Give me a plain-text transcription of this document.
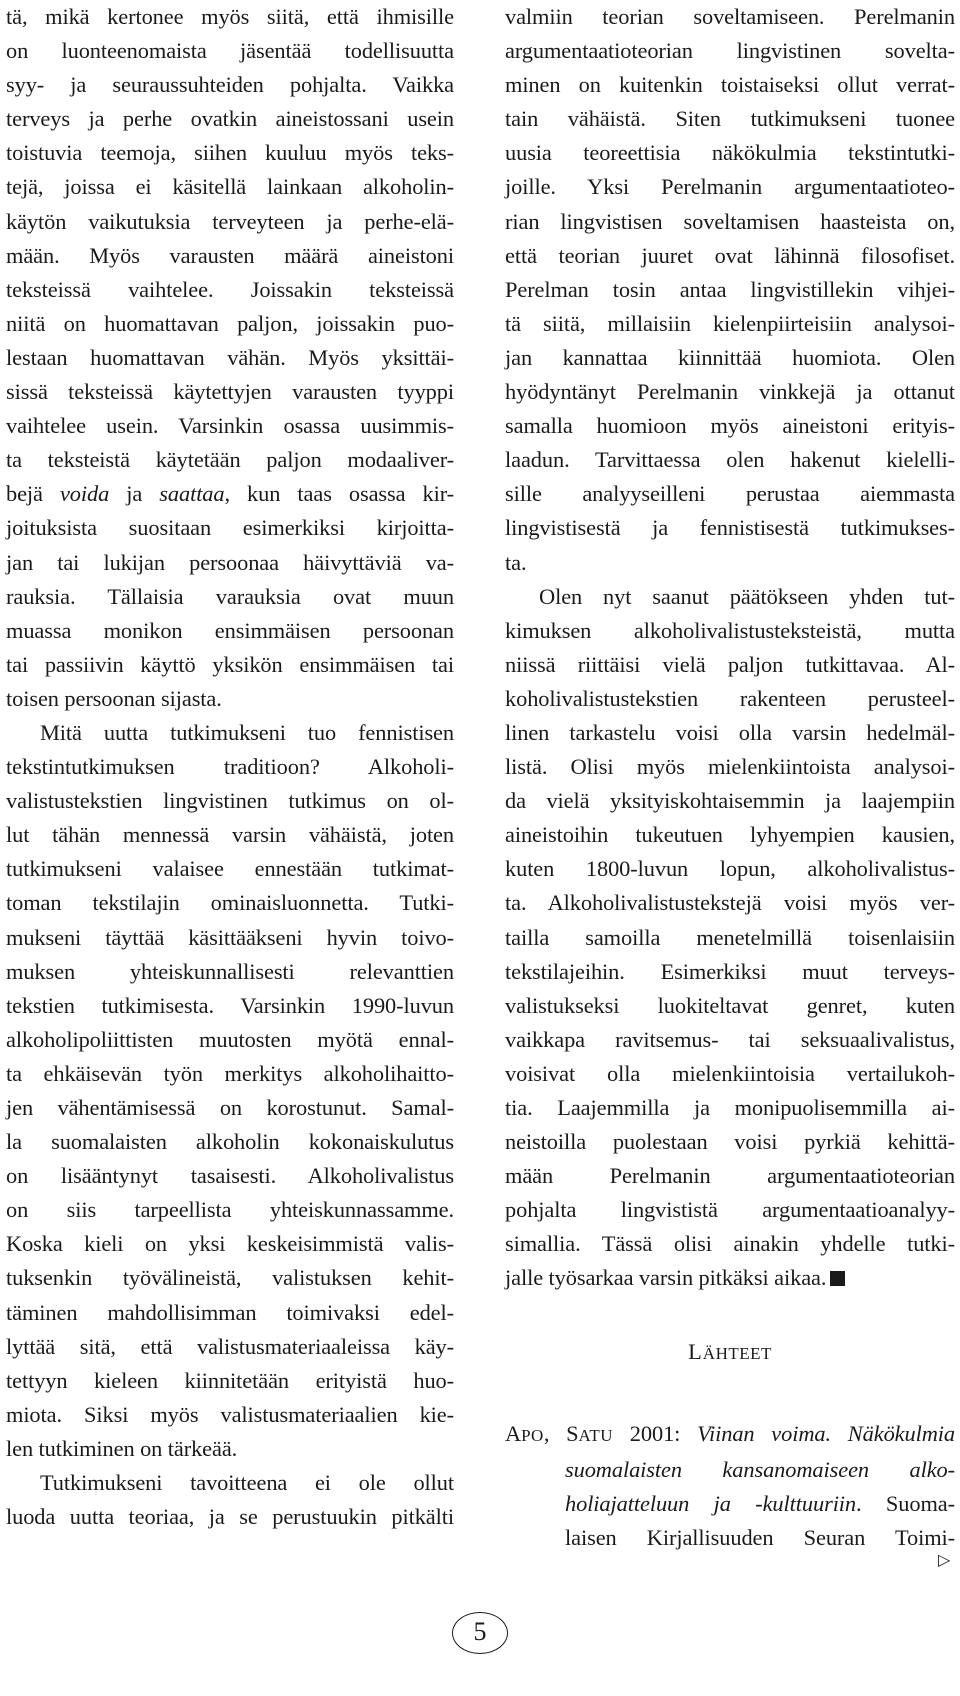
tä, mikä kertonee myös siitä, että ihmisille
on luonteenomaista jäsentää todellisuutta
syy- ja seuraussuhteiden pohjalta. Vaikka
terveys ja perhe ovatkin aineistossani usein
toistuvia teemoja, siihen kuuluu myös teks-
tejä, joissa ei käsitellä lainkaan alkoholin-
käytön vaikutuksia terveyteen ja perhe-elä-
mään. Myös varausten määrä aineistoni
teksteissä vaihtelee. Joissakin teksteissä
niitä on huomattavan paljon, joissakin puo-
lestaan huomattavan vähän. Myös yksittäi-
sissä teksteissä käytettyjen varausten tyyppi
vaihtelee usein. Varsinkin osassa uusimmis-
ta teksteistä käytetään paljon modaaliver-
bejä voida ja saattaa, kun taas osassa kir-
joituksista suositaan esimerkiksi kirjoitta-
jan tai lukijan persoonaa häivyttäviä va-
rauksia. Tällaisia varauksia ovat muun
muassa monikon ensimmäisen persoonan
tai passiivin käyttö yksikön ensimmäisen tai
toisen persoonan sijasta.
Mitä uutta tutkimukseni tuo fennistisen
tekstintutkimuksen traditioon? Alkoholi-
valistustekstien lingvistinen tutkimus on ol-
lut tähän mennessä varsin vähäistä, joten
tutkimukseni valaisee ennestään tutkimat-
toman tekstilajin ominaisluonnetta. Tutki-
mukseni täyttää käsittääkseni hyvin toivo-
muksen yhteiskunnallisesti relevanttien
tekstien tutkimisesta. Varsinkin 1990-luvun
alkoholipoliittisten muutosten myötä ennal-
ta ehkäisevän työn merkitys alkoholihaitto-
jen vähentämisessä on korostunut. Samal-
la suomalaisten alkoholin kokonaiskulutus
on lisääntynyt tasaisesti. Alkoholivalistus
on siis tarpeellista yhteiskunnassamme.
Koska kieli on yksi keskeisimmistä valis-
tuksenkin työvälineistä, valistuksen kehit-
täminen mahdollisimman toimivaksi edel-
lyttää sitä, että valistusmateriaaleissa käy-
tettyyn kieleen kiinnitetään erityistä huo-
miota. Siksi myös valistusmateriaalien kie-
len tutkiminen on tärkeää.
Tutkimukseni tavoitteena ei ole ollut
luoda uutta teoriaa, ja se perustuukin pitkälti
valmiin teorian soveltamiseen. Perelmanin
argumentaatioteorian lingvistinen sovelta-
minen on kuitenkin toistaiseksi ollut verrat-
tain vähäistä. Siten tutkimukseni tuonee
uusia teoreettisia näkökulmia tekstintutki-
joille. Yksi Perelmanin argumentaatioteo-
rian lingvistisen soveltamisen haasteista on,
että teorian juuret ovat lähinnä filosofiset.
Perelman tosin antaa lingvistillekin vihjei-
tä siitä, millaisiin kielenpiirteisiin analysoi-
jan kannattaa kiinnittää huomiota. Olen
hyödyntänyt Perelmanin vinkkejä ja ottanut
samalla huomioon myös aineistoni erityis-
laadun. Tarvittaessa olen hakenut kielelli-
sille analyyseilleni perustaa aiemmasta
lingvistisestä ja fennistisestä tutkimukses-
ta.
Olen nyt saanut päätökseen yhden tut-
kimuksen alkoholivalistusteksteistä, mutta
niissä riittäisi vielä paljon tutkittavaa. Al-
koholivalistustekstien rakenteen perusteel-
linen tarkastelu voisi olla varsin hedelmäl-
listä. Olisi myös mielenkiintoista analysoi-
da vielä yksityiskohtaisemmin ja laajempiin
aineistoihin tukeutuen lyhyempien kausien,
kuten 1800-luvun lopun, alkoholivalistus-
ta. Alkoholivalistustekstejä voisi myös ver-
tailla samoilla menetelmillä toisenlaisiin
tekstilajeihin. Esimerkiksi muut terveys-
valistukseksi luokiteltavat genret, kuten
vaikkapa ravitsemus- tai seksuaalivalistus,
voisivat olla mielenkiintoisia vertailukoh-
tia. Laajemmilla ja monipuolisemmilla ai-
neistoilla puolestaan voisi pyrkiä kehittä-
mään Perelmanin argumentaatioteorian
pohjalta lingvististä argumentaatioanalyy-
simallia. Tässä olisi ainakin yhdelle tutki-
jalle työsarkaa varsin pitkäksi aikaa.
LÄHTEET
APO, SATU 2001: Viinan voima. Näkökulmia
suomalaisten kansanomaiseen alko-
holiajatteluun ja -kulttuuriin. Suoma-
laisen Kirjallisuuden Seuran Toimi-
▷
5
